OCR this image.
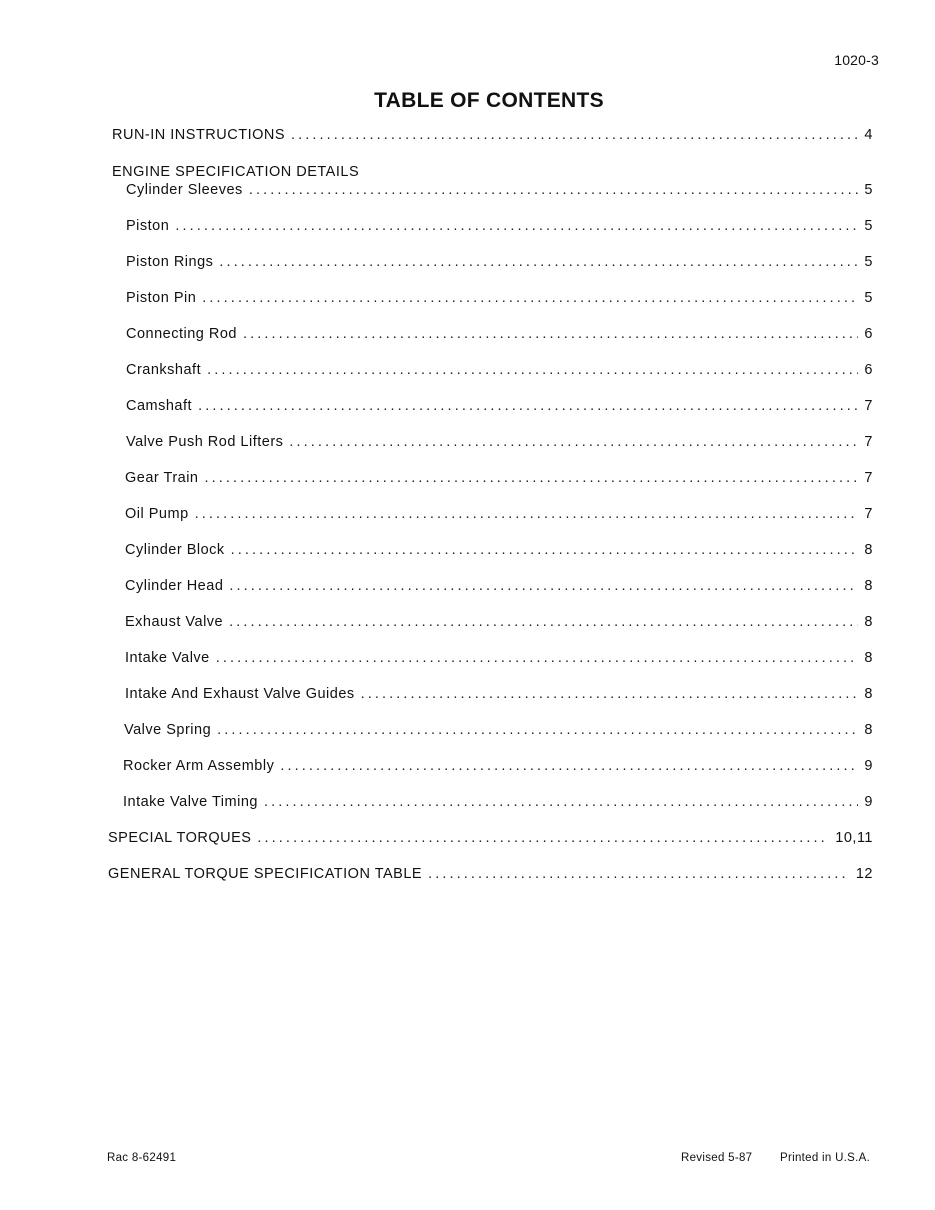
1020-3
TABLE OF CONTENTS
RUN-IN INSTRUCTIONS .....	4
ENGINE SPECIFICATION DETAILS
Cylinder Sleeves .....	5
Piston .....	5
Piston Rings .....	5
Piston Pin .....	5
Connecting Rod .....	6
Crankshaft .....	6
Camshaft .....	7
Valve Push Rod Lifters .....	7
Gear Train .....	7
Oil Pump .....	7
Cylinder Block .....	8
Cylinder Head .....	8
Exhaust Valve .....	8
Intake Valve .....	8
Intake And Exhaust Valve Guides .....	8
Valve Spring .....	8
Rocker Arm Assembly .....	9
Intake Valve Timing .....	9
SPECIAL TORQUES .....	10,11
GENERAL TORQUE SPECIFICATION TABLE .....	12
Rac 8-62491	Revised 5-87 Printed in U.S.A.
